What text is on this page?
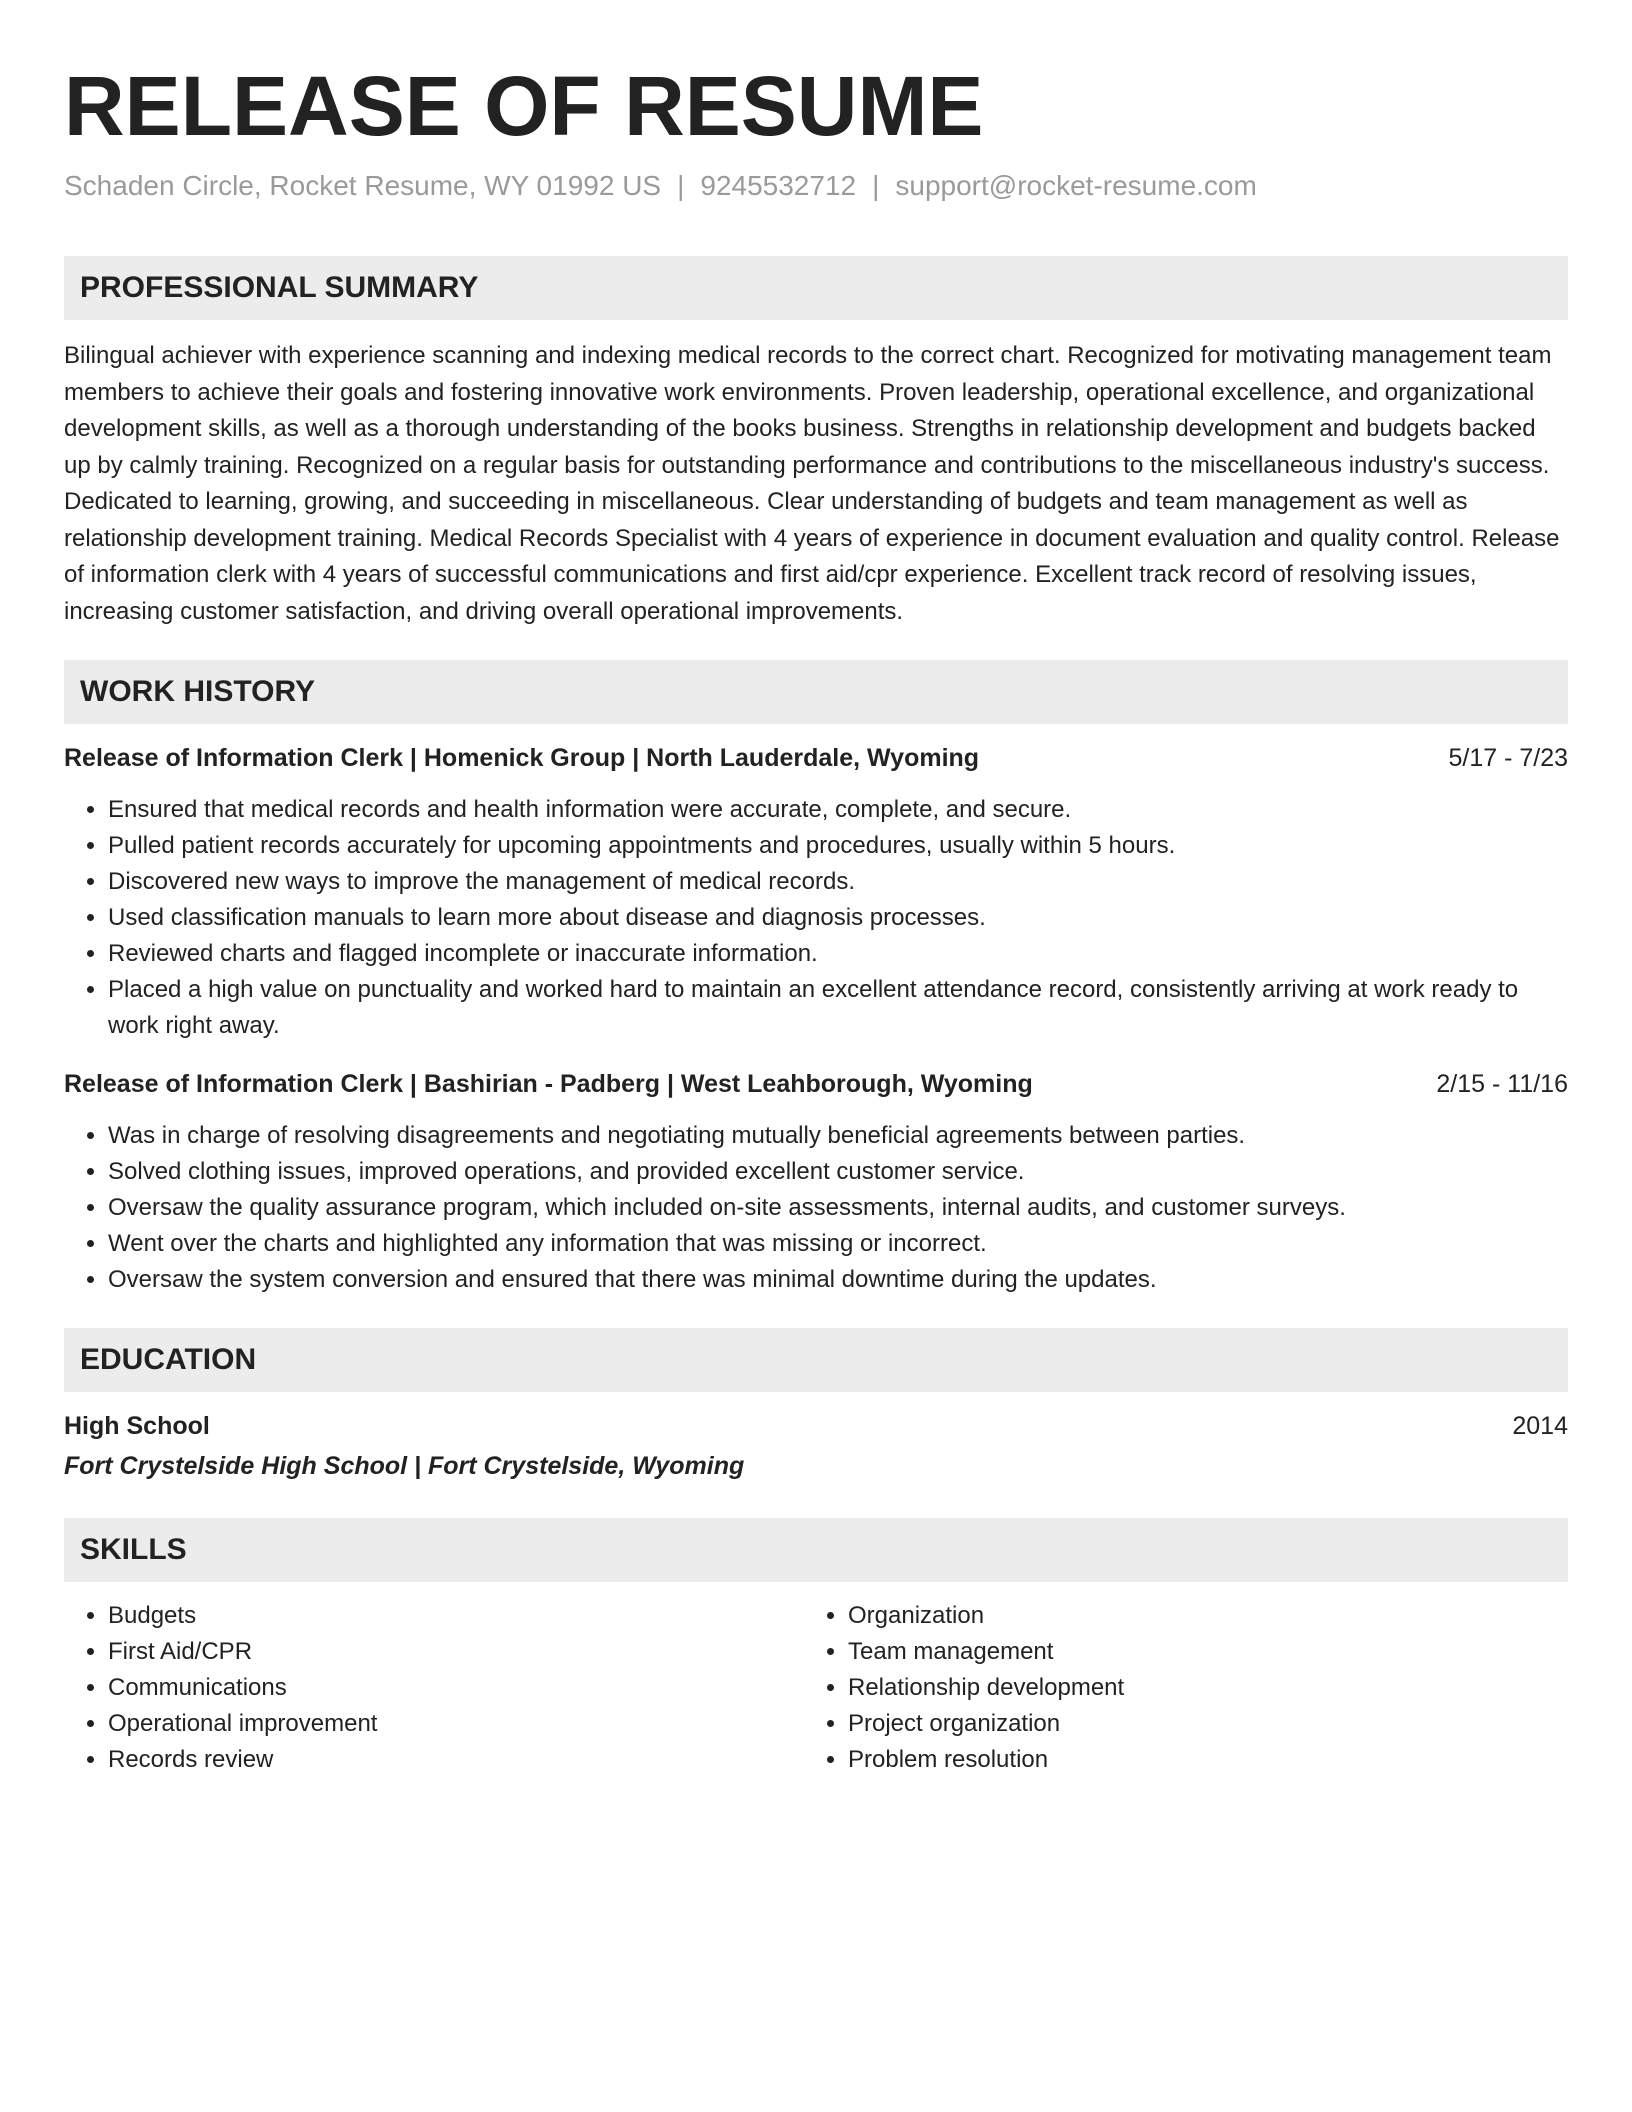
RELEASE OF RESUME
Schaden Circle, Rocket Resume, WY 01992 US | 9245532712 | support@rocket-resume.com
PROFESSIONAL SUMMARY
Bilingual achiever with experience scanning and indexing medical records to the correct chart. Recognized for motivating management team members to achieve their goals and fostering innovative work environments. Proven leadership, operational excellence, and organizational development skills, as well as a thorough understanding of the books business. Strengths in relationship development and budgets backed up by calmly training. Recognized on a regular basis for outstanding performance and contributions to the miscellaneous industry's success. Dedicated to learning, growing, and succeeding in miscellaneous. Clear understanding of budgets and team management as well as relationship development training. Medical Records Specialist with 4 years of experience in document evaluation and quality control. Release of information clerk with 4 years of successful communications and first aid/cpr experience. Excellent track record of resolving issues, increasing customer satisfaction, and driving overall operational improvements.
WORK HISTORY
Release of Information Clerk | Homenick Group | North Lauderdale, Wyoming	5/17 - 7/23
• Ensured that medical records and health information were accurate, complete, and secure.
• Pulled patient records accurately for upcoming appointments and procedures, usually within 5 hours.
• Discovered new ways to improve the management of medical records.
• Used classification manuals to learn more about disease and diagnosis processes.
• Reviewed charts and flagged incomplete or inaccurate information.
• Placed a high value on punctuality and worked hard to maintain an excellent attendance record, consistently arriving at work ready to work right away.
Release of Information Clerk | Bashirian - Padberg | West Leahborough, Wyoming	2/15 - 11/16
• Was in charge of resolving disagreements and negotiating mutually beneficial agreements between parties.
• Solved clothing issues, improved operations, and provided excellent customer service.
• Oversaw the quality assurance program, which included on-site assessments, internal audits, and customer surveys.
• Went over the charts and highlighted any information that was missing or incorrect.
• Oversaw the system conversion and ensured that there was minimal downtime during the updates.
EDUCATION
High School	2014
Fort Crystelside High School | Fort Crystelside, Wyoming
SKILLS
• Budgets
• First Aid/CPR
• Communications
• Operational improvement
• Records review
• Organization
• Team management
• Relationship development
• Project organization
• Problem resolution
